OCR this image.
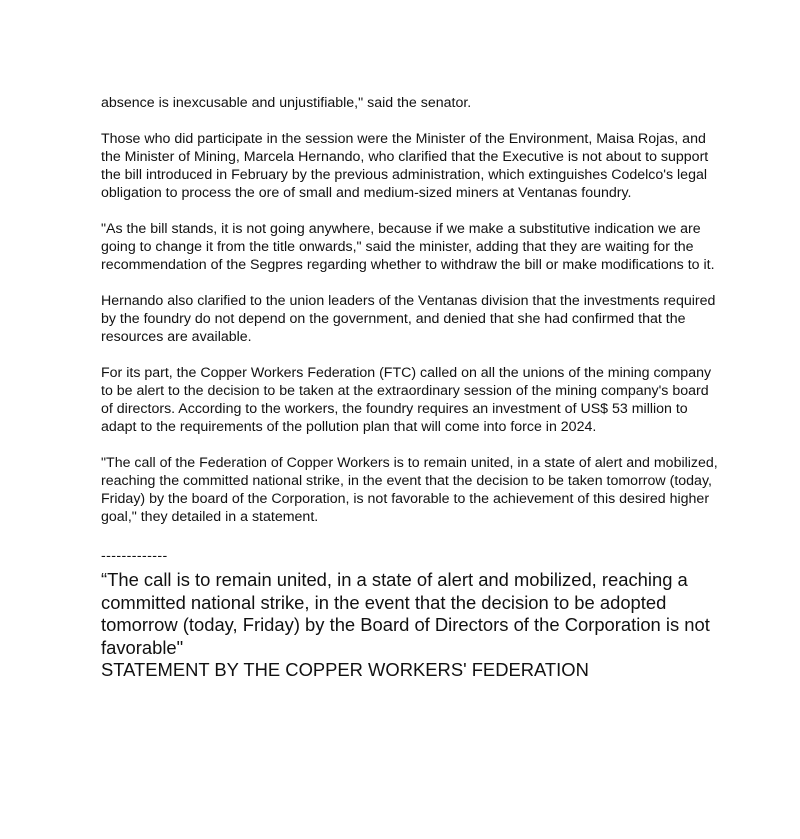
absence is inexcusable and unjustifiable," said the senator.

Those who did participate in the session were the Minister of the Environment, Maisa Rojas, and the Minister of Mining, Marcela Hernando, who clarified that the Executive is not about to support the bill introduced in February by the previous administration, which extinguishes Codelco's legal obligation to process the ore of small and medium-sized miners at Ventanas foundry.

"As the bill stands, it is not going anywhere, because if we make a substitutive indication we are going to change it from the title onwards," said the minister, adding that they are waiting for the recommendation of the Segpres regarding whether to withdraw the bill or make modifications to it.

Hernando also clarified to the union leaders of the Ventanas division that the investments required by the foundry do not depend on the government, and denied that she had confirmed that the resources are available.

For its part, the Copper Workers Federation (FTC) called on all the unions of the mining company to be alert to the decision to be taken at the extraordinary session of the mining company's board of directors. According to the workers, the foundry requires an investment of US$ 53 million to adapt to the requirements of the pollution plan that will come into force in 2024.

"The call of the Federation of Copper Workers is to remain united, in a state of alert and mobilized, reaching the committed national strike, in the event that the decision to be taken tomorrow (today, Friday) by the board of the Corporation, is not favorable to the achievement of this desired higher goal," they detailed in a statement.

-------------

“The call is to remain united, in a state of alert and mobilized, reaching a committed national strike, in the event that the decision to be adopted tomorrow (today, Friday) by the Board of Directors of the Corporation is not favorable"

STATEMENT BY THE COPPER WORKERS' FEDERATION
